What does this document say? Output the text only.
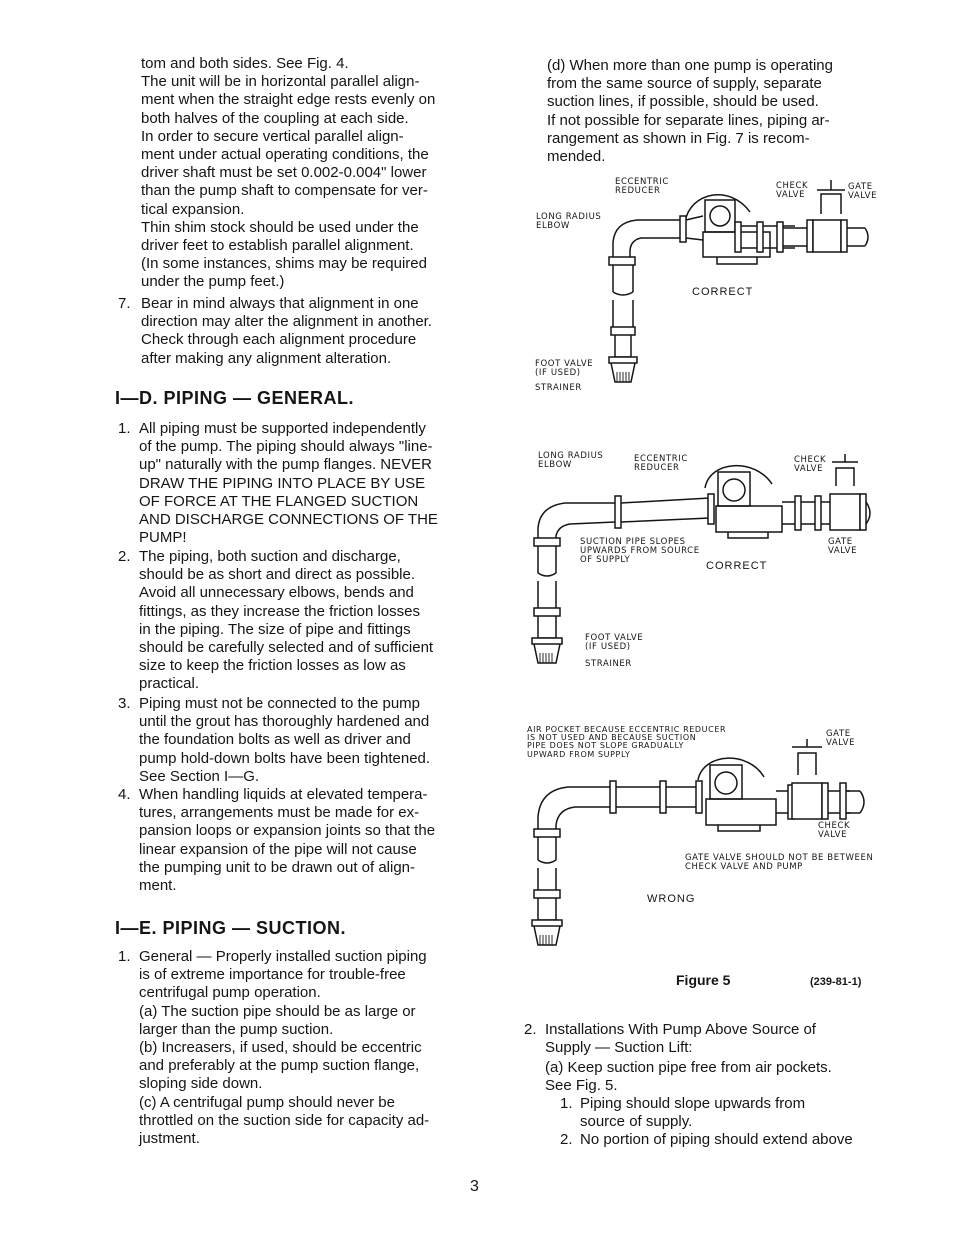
tom and both sides. See Fig. 4.
The unit will be in horizontal parallel align-
ment when the straight edge rests evenly on
both halves of the coupling at each side.
In order to secure vertical parallel align-
ment under actual operating conditions, the
driver shaft must be set 0.002-0.004" lower
than the pump shaft to compensate for ver-
tical expansion.
Thin shim stock should be used under the
driver feet to establish parallel alignment.
(In some instances, shims may be required
under the pump feet.)
7. Bear in mind always that alignment in one
direction may alter the alignment in another.
Check through each alignment procedure
after making any alignment alteration.
I—D. PIPING — GENERAL.
1. All piping must be supported independently
of the pump. The piping should always "line-
up" naturally with the pump flanges. NEVER
DRAW THE PIPING INTO PLACE BY USE
OF FORCE AT THE FLANGED SUCTION
AND DISCHARGE CONNECTIONS OF THE
PUMP!
2. The piping, both suction and discharge,
should be as short and direct as possible.
Avoid all unnecessary elbows, bends and
fittings, as they increase the friction losses
in the piping. The size of pipe and fittings
should be carefully selected and of sufficient
size to keep the friction losses as low as
practical.
3. Piping must not be connected to the pump
until the grout has thoroughly hardened and
the foundation bolts as well as driver and
pump hold-down bolts have been tightened.
See Section I—G.
4. When handling liquids at elevated tempera-
tures, arrangements must be made for ex-
pansion loops or expansion joints so that the
linear expansion of the pipe will not cause
the pumping unit to be drawn out of align-
ment.
I—E. PIPING — SUCTION.
1. General — Properly installed suction piping
is of extreme importance for trouble-free
centrifugal pump operation.
(a) The suction pipe should be as large or
larger than the pump suction.
(b) Increasers, if used, should be eccentric
and preferably at the pump suction flange,
sloping side down.
(c) A centrifugal pump should never be
throttled on the suction side for capacity ad-
justment.
(d) When more than one pump is operating
from the same source of supply, separate
suction lines, if possible, should be used.
If not possible for separate lines, piping ar-
rangement as shown in Fig. 7 is recom-
mended.
ECCENTRIC
REDUCER
LONG RADIUS
ELBOW
CHECK
VALVE
GATE
VALVE
FOOT VALVE
(IF USED)
STRAINER
CORRECT
LONG RADIUS
ELBOW
ECCENTRIC
REDUCER
CHECK
VALVE
SUCTION PIPE SLOPES
UPWARDS FROM SOURCE
OF SUPPLY
GATE
VALVE
FOOT VALVE
(IF USED)
STRAINER
CORRECT
AIR POCKET BECAUSE ECCENTRIC REDUCER
IS NOT USED AND BECAUSE SUCTION
PIPE DOES NOT SLOPE GRADUALLY
UPWARD FROM SUPPLY
GATE
VALVE
CHECK
VALVE
GATE VALVE SHOULD NOT BE BETWEEN
CHECK VALVE AND PUMP
WRONG
Figure 5	(239-81-1)
2. Installations With Pump Above Source of
Supply — Suction Lift:
(a) Keep suction pipe free from air pockets.
See Fig. 5.
1. Piping should slope upwards from
source of supply.
2. No portion of piping should extend above
3
